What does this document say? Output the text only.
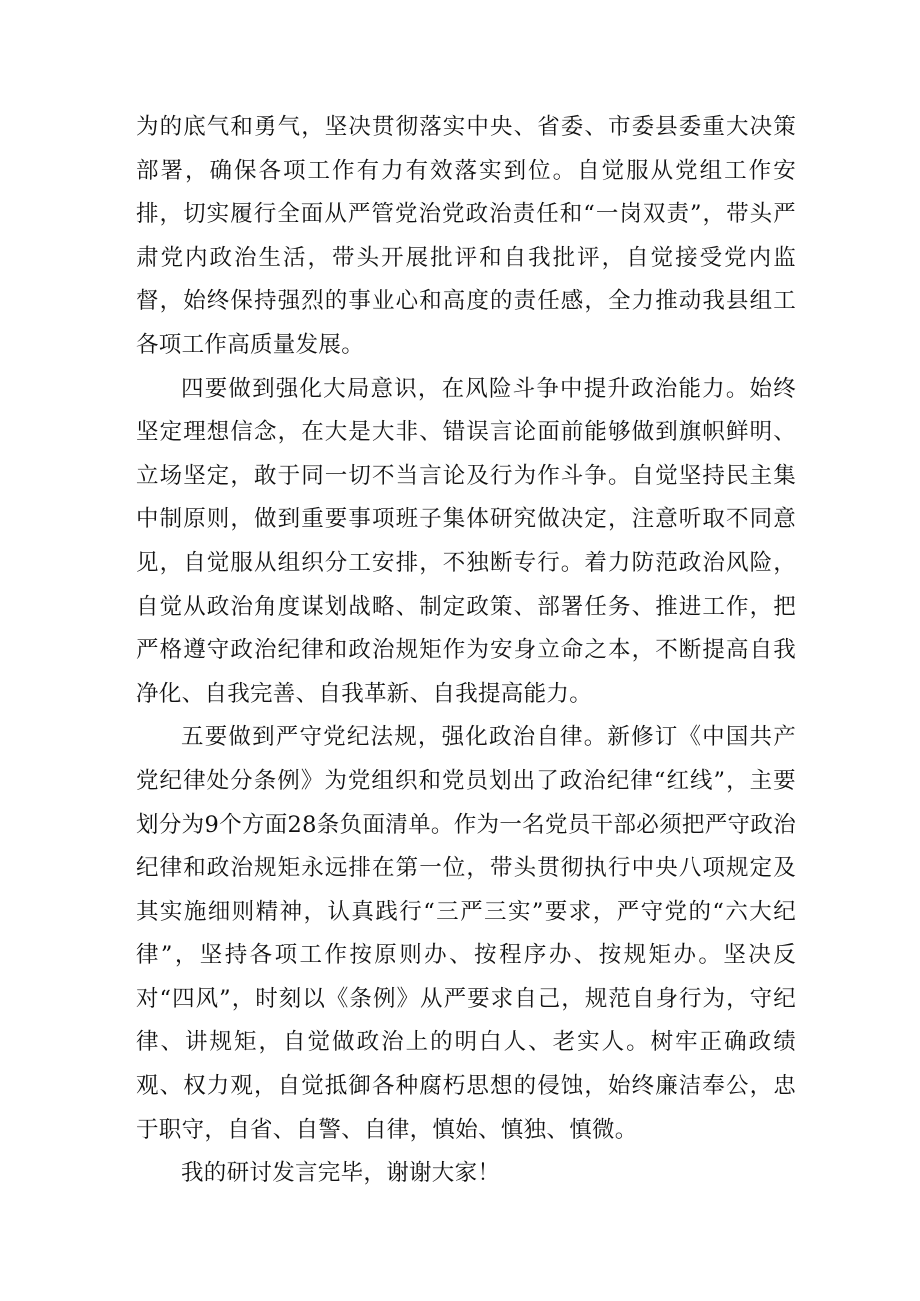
为的底气和勇气，坚决贯彻落实中央、省委、市委县委重大决策部署，确保各项工作有力有效落实到位。自觉服从党组工作安排，切实履行全面从严管党治党政治责任和“一岗双责”，带头严肃党内政治生活，带头开展批评和自我批评，自觉接受党内监督，始终保持强烈的事业心和高度的责任感，全力推动我县组工各项工作高质量发展。

四要做到强化大局意识，在风险斗争中提升政治能力。始终坚定理想信念，在大是大非、错误言论面前能够做到旗帜鲜明、立场坚定，敢于同一切不当言论及行为作斗争。自觉坚持民主集中制原则，做到重要事项班子集体研究做决定，注意听取不同意见，自觉服从组织分工安排，不独断专行。着力防范政治风险，自觉从政治角度谋划战略、制定政策、部署任务、推进工作，把严格遵守政治纪律和政治规矩作为安身立命之本，不断提高自我净化、自我完善、自我革新、自我提高能力。

五要做到严守党纪法规，强化政治自律。新修订《中国共产党纪律处分条例》为党组织和党员划出了政治纪律“红线”，主要划分为9个方面28条负面清单。作为一名党员干部必须把严守政治纪律和政治规矩永远排在第一位，带头贯彻执行中央八项规定及其实施细则精神，认真践行“三严三实”要求，严守党的“六大纪律”，坚持各项工作按原则办、按程序办、按规矩办。坚决反对“四风”，时刻以《条例》从严要求自己，规范自身行为，守纪律、讲规矩，自觉做政治上的明白人、老实人。树牢正确政绩观、权力观，自觉抵御各种腐朽思想的侵蚀，始终廉洁奉公，忠于职守，自省、自警、自律，慎始、慎独、慎微。

我的研讨发言完毕，谢谢大家！
